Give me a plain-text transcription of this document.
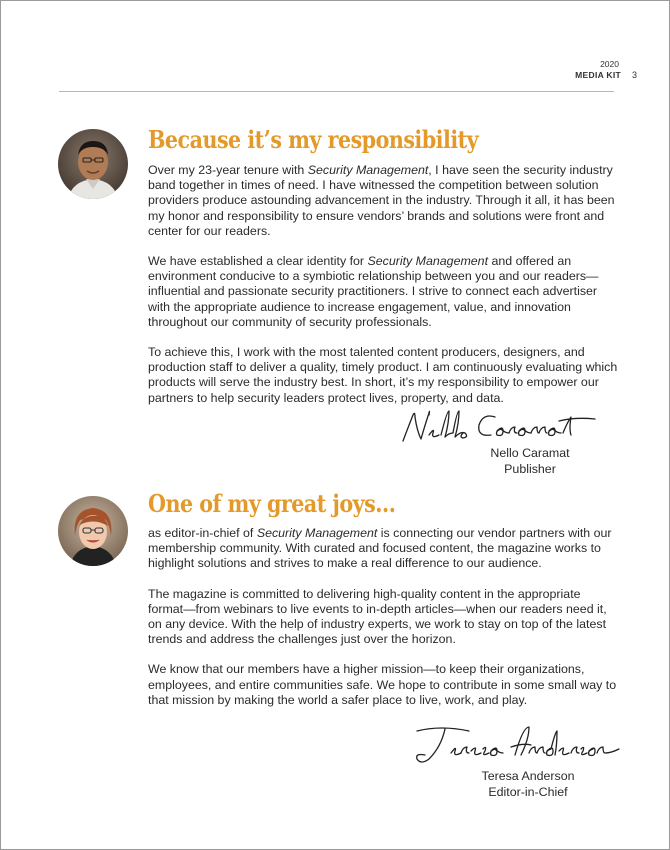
2020
MEDIA KIT 3
Because it’s my responsibility

Over my 23-year tenure with Security Management, I have seen the security industry band together in times of need. I have witnessed the competition between solution providers produce astounding advancement in the industry. Through it all, it has been my honor and responsibility to ensure vendors’ brands and solutions were front and center for our readers.

We have established a clear identity for Security Management and offered an environment conducive to a symbiotic relationship between you and our readers—influential and passionate security practitioners. I strive to connect each advertiser with the appropriate audience to increase engagement, value, and innovation throughout our community of security professionals.

To achieve this, I work with the most talented content producers, designers, and production staff to deliver a quality, timely product. I am continuously evaluating which products will serve the industry best. In short, it’s my responsibility to empower our partners to help security leaders protect lives, property, and data.

Nello Caramat
Publisher
One of my great joys…

as editor-in-chief of Security Management is connecting our vendor partners with our membership community. With curated and focused content, the magazine works to highlight solutions and strives to make a real difference to our audience.

The magazine is committed to delivering high-quality content in the appropriate format—from webinars to live events to in-depth articles—when our readers need it, on any device. With the help of industry experts, we work to stay on top of the latest trends and address the challenges just over the horizon.

We know that our members have a higher mission—to keep their organizations, employees, and entire communities safe. We hope to contribute in some small way to that mission by making the world a safer place to live, work, and play.

Teresa Anderson
Editor-in-Chief
